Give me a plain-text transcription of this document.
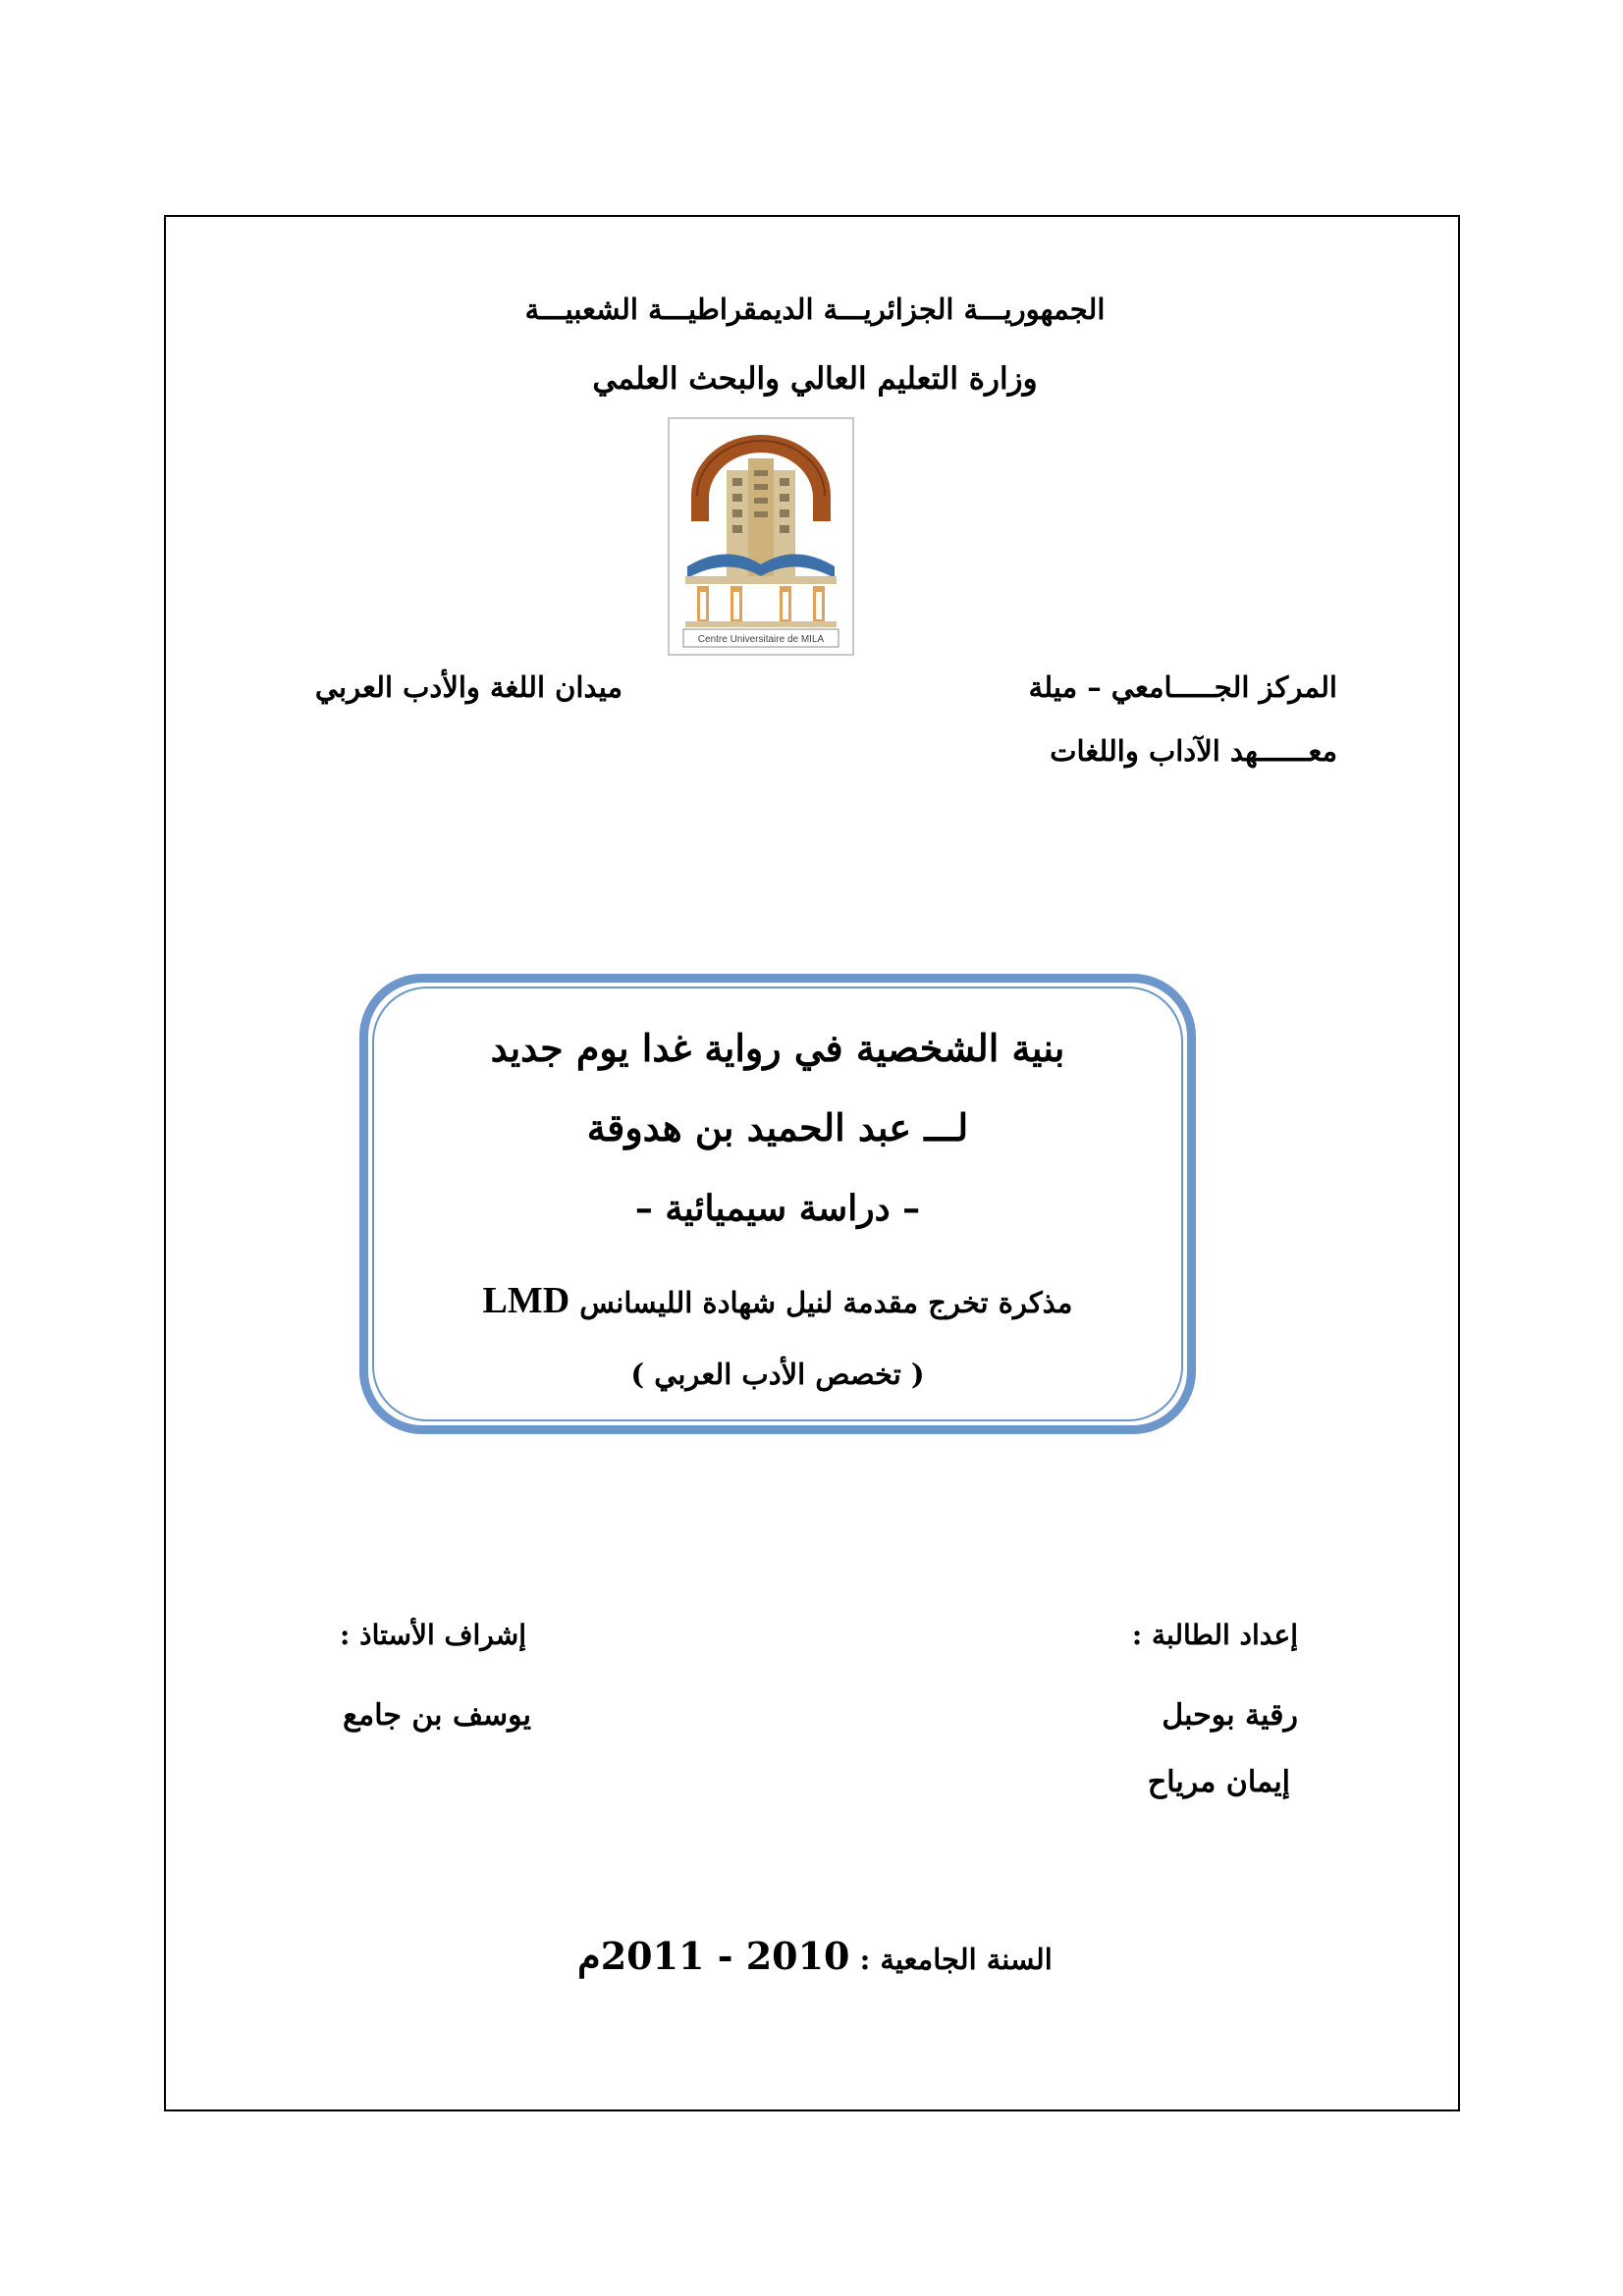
الجمهوريـــة الجزائريـــة الديمقراطيـــة الشعبيـــة
وزارة التعليم العالي والبحث العلمي
Centre Universitaire de MILA
المركز الجـــــامعي – ميلة
معــــــهد الآداب واللغات
ميدان اللغة والأدب العربي
بنية الشخصية في رواية غدا يوم جديد
لـــ عبد الحميد بن هدوقة
– دراسة سيميائية –
مذكرة تخرج مقدمة لنيل شهادة الليسانس LMD
( تخصص الأدب العربي )
إعداد الطالبة :
رقية بوحبل
إيمان مرياح
إشراف الأستاذ :
يوسف بن جامع
السنة الجامعية : 2010 - 2011م
